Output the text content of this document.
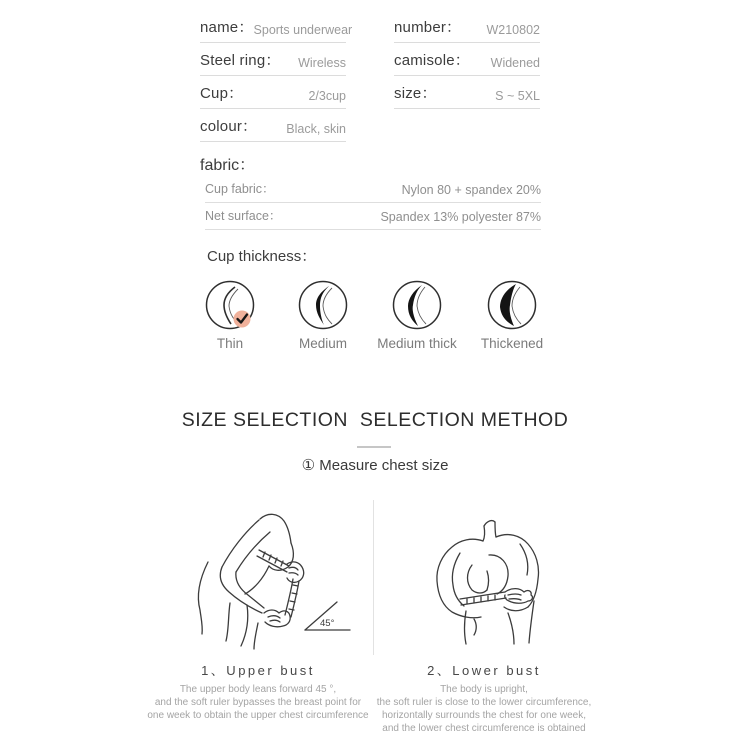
name： Sports underwear
Steel ring： Wireless
Cup：	2/3cup
colour： Black, skin
number： W210802
camisole： Widened
size：	S ~ 5XL
fabric：
Cup fabric：	Nylon 80 + spandex 20%
Net surface：	Spandex 13% polyester 87%
Cup thickness：
Thin	Medium	Medium thick	Thickened
SIZE SELECTION  SELECTION METHOD
① Measure chest size
45°
1、Upper bust	2、Lower bust
The upper body leans forward 45 °,
and the soft ruler bypasses the breast point for
one week to obtain the upper chest circumference
The body is upright,
the soft ruler is close to the lower circumference,
horizontally surrounds the chest for one week,
and the lower chest circumference is obtained
